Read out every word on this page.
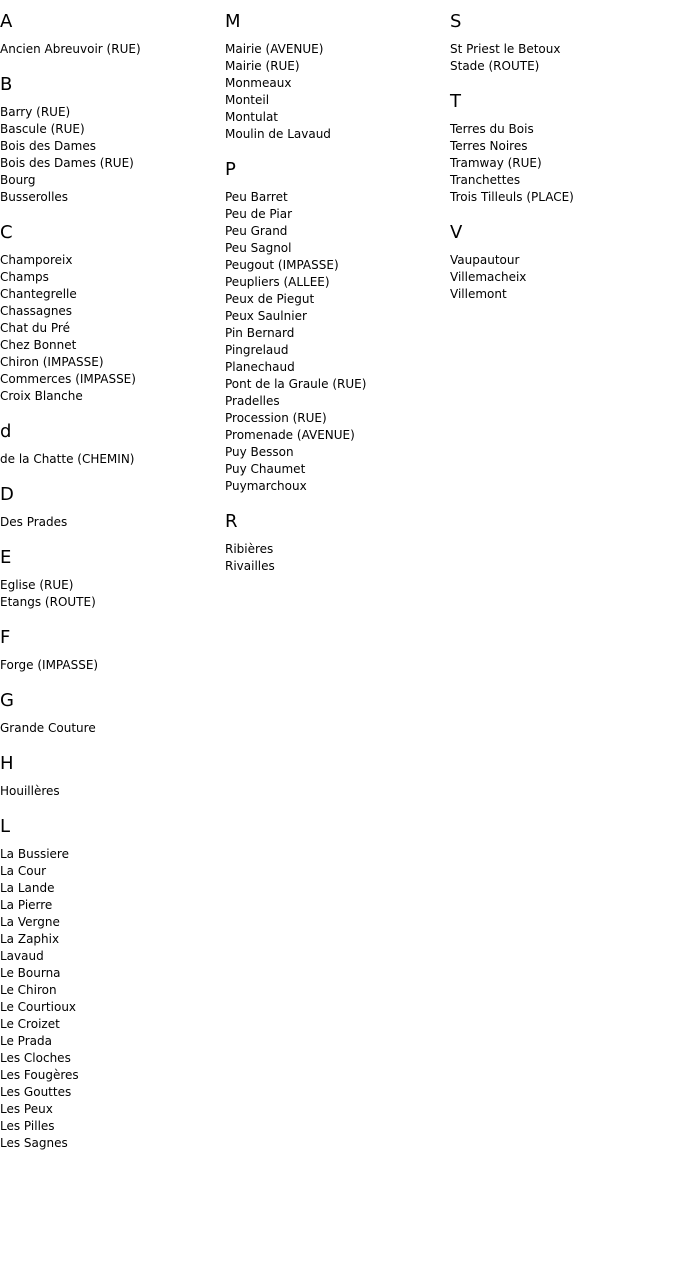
A
Ancien Abreuvoir (RUE)
B
Barry (RUE)
Bascule (RUE)
Bois des Dames
Bois des Dames (RUE)
Bourg
Busserolles
C
Champoreix
Champs
Chantegrelle
Chassagnes
Chat du Pré
Chez Bonnet
Chiron (IMPASSE)
Commerces (IMPASSE)
Croix Blanche
d
de la Chatte (CHEMIN)
D
Des Prades
E
Eglise (RUE)
Etangs (ROUTE)
F
Forge (IMPASSE)
G
Grande Couture
H
Houillères
L
La Bussiere
La Cour
La Lande
La Pierre
La Vergne
La Zaphix
Lavaud
Le Bourna
Le Chiron
Le Courtioux
Le Croizet
Le Prada
Les Cloches
Les Fougères
Les Gouttes
Les Peux
Les Pilles
Les Sagnes
M
Mairie (AVENUE)
Mairie (RUE)
Monmeaux
Monteil
Montulat
Moulin de Lavaud
P
Peu Barret
Peu de Piar
Peu Grand
Peu Sagnol
Peugout (IMPASSE)
Peupliers (ALLEE)
Peux de Piegut
Peux Saulnier
Pin Bernard
Pingrelaud
Planechaud
Pont de la Graule (RUE)
Pradelles
Procession (RUE)
Promenade (AVENUE)
Puy Besson
Puy Chaumet
Puymarchoux
R
Ribières
Rivailles
S
St Priest le Betoux
Stade (ROUTE)
T
Terres du Bois
Terres Noires
Tramway (RUE)
Tranchettes
Trois Tilleuls (PLACE)
V
Vaupautour
Villemacheix
Villemont
